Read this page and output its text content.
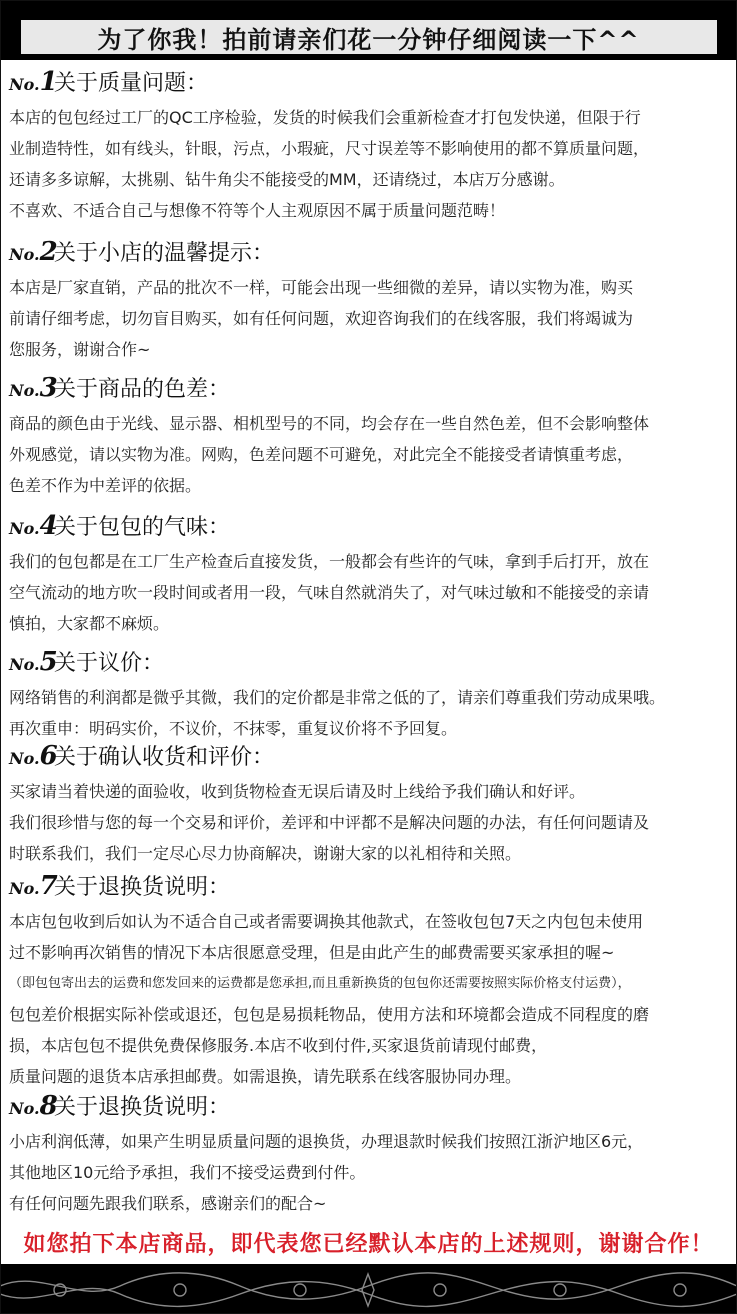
为了你我！拍前请亲们花一分钟仔细阅读一下^^
No.1
关于质量问题：
本店的包包经过工厂的QC工序检验，发货的时候我们会重新检查才打包发快递，但限于行
业制造特性，如有线头，针眼，污点，小瑕疵，尺寸误差等不影响使用的都不算质量问题，
还请多多谅解，太挑剔、钻牛角尖不能接受的MM，还请绕过，本店万分感谢。
不喜欢、不适合自己与想像不符等个人主观原因不属于质量问题范畴！
No.2
关于小店的温馨提示：
本店是厂家直销，产品的批次不一样，可能会出现一些细微的差异，请以实物为准，购买
前请仔细考虑，切勿盲目购买，如有任何问题，欢迎咨询我们的在线客服，我们将竭诚为
您服务，谢谢合作~
No.3
关于商品的色差：
商品的颜色由于光线、显示器、相机型号的不同，均会存在一些自然色差，但不会影响整体
外观感觉，请以实物为准。网购，色差问题不可避免，对此完全不能接受者请慎重考虑，
色差不作为中差评的依据。
No.4
关于包包的气味：
我们的包包都是在工厂生产检查后直接发货，一般都会有些许的气味，拿到手后打开，放在
空气流动的地方吹一段时间或者用一段，气味自然就消失了，对气味过敏和不能接受的亲请
慎拍，大家都不麻烦。
No.5
关于议价：
网络销售的利润都是微乎其微，我们的定价都是非常之低的了，请亲们尊重我们劳动成果哦。
再次重申：明码实价，不议价，不抹零，重复议价将不予回复。
No.6
关于确认收货和评价：
买家请当着快递的面验收，收到货物检查无误后请及时上线给予我们确认和好评。
我们很珍惜与您的每一个交易和评价，差评和中评都不是解决问题的办法，有任何问题请及
时联系我们，我们一定尽心尽力协商解决，谢谢大家的以礼相待和关照。
No.7
关于退换货说明：
本店包包收到后如认为不适合自己或者需要调换其他款式，在签收包包7天之内包包未使用
过不影响再次销售的情况下本店很愿意受理，但是由此产生的邮费需要买家承担的喔~
（即包包寄出去的运费和您发回来的运费都是您承担,而且重新换货的包包你还需要按照实际价格支付运费），
包包差价根据实际补偿或退还，包包是易损耗物品，使用方法和环境都会造成不同程度的磨
损，本店包包不提供免费保修服务.本店不收到付件,买家退货前请现付邮费，
质量问题的退货本店承担邮费。如需退换，请先联系在线客服协同办理。
No.8
关于退换货说明：
小店利润低薄，如果产生明显质量问题的退换货，办理退款时候我们按照江浙沪地区6元，
其他地区10元给予承担，我们不接受运费到付件。
有任何问题先跟我们联系，感谢亲们的配合~
如您拍下本店商品，即代表您已经默认本店的上述规则，谢谢合作！
